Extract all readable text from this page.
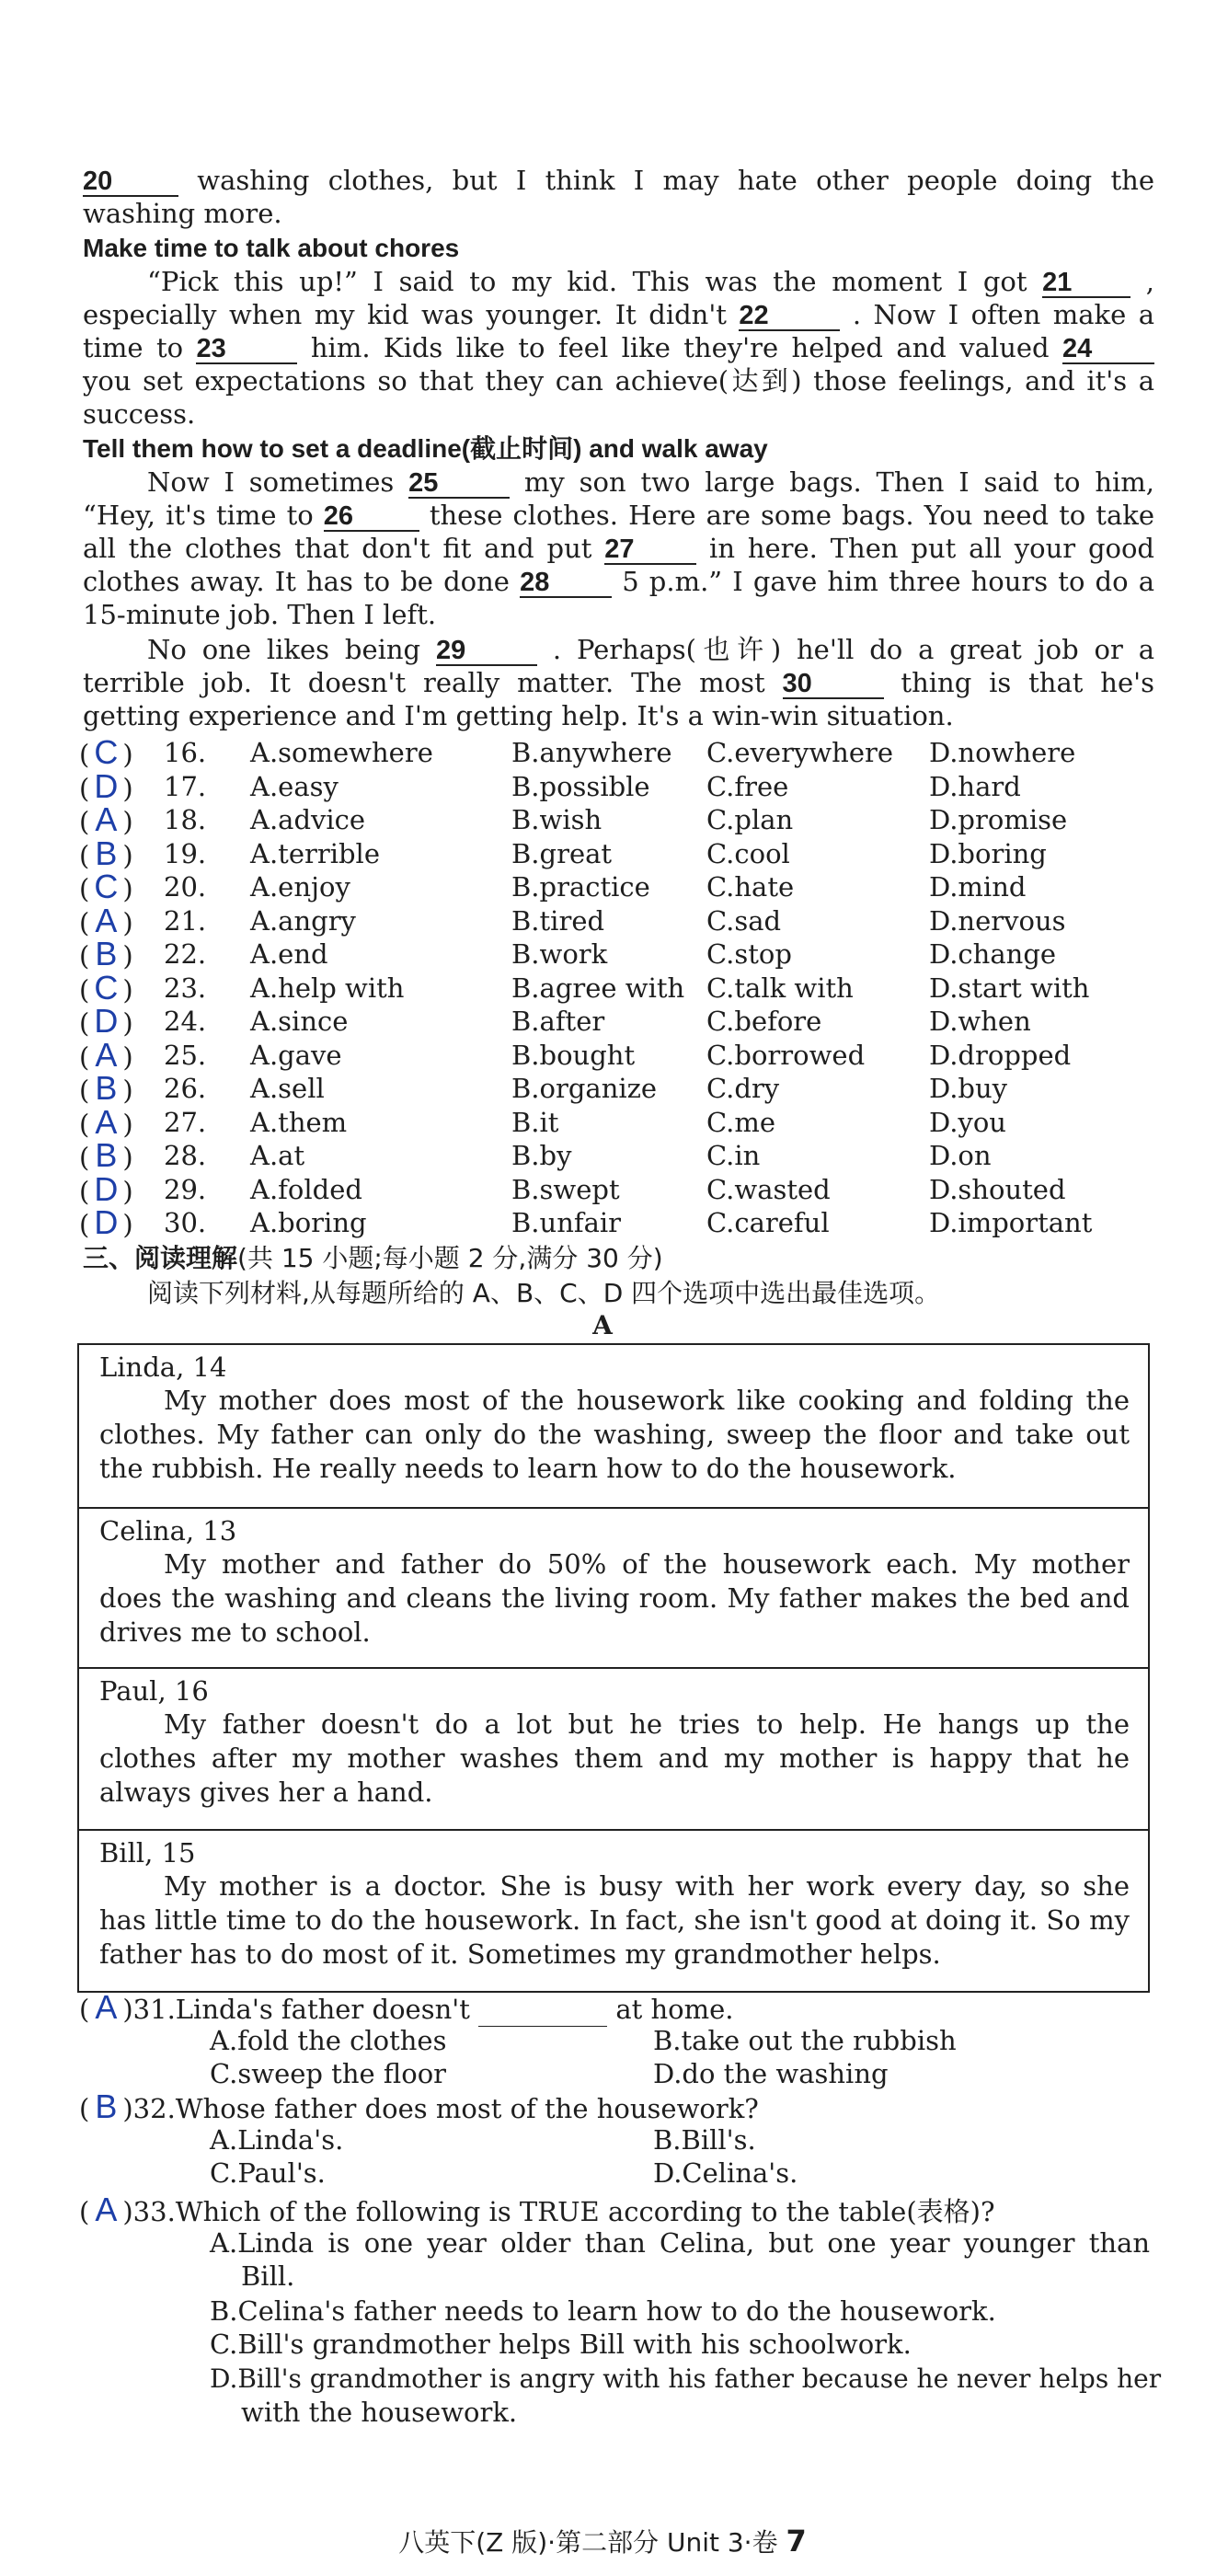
20 washing clothes, but I think I may hate other people doing the
washing more.
Make time to talk about chores
“Pick this up!” I said to my kid. This was the moment I got 21 ,
especially when my kid was younger. It didn't 22	. Now I often make a
time to 23	him. Kids like to feel like they're helped and valued 24
you set expectations so that they can achieve(达到) those feelings, and it's a
success.
Tell them how to set a deadline(截止时间) and walk away
Now I sometimes 25	my son two large bags. Then I said to him,
“Hey, it's time to 26 these clothes. Here are some bags. You need to take
all the clothes that don't fit and put 27 in here. Then put all your good
clothes away. It has to be done 28 5 p.m.” I gave him three hours to do a
15-minute job. Then I left.
No one likes being 29	. Perhaps(也许) he'll do a great job or a
terrible job. It doesn't really matter. The most 30	thing is that he's
getting experience and I'm getting help. It's a win-win situation.
( C ) 16. A.somewhere	B.anywhere C.everywhere D.nowhere
( D ) 17. A.easy	B.possible C.free	D.hard
( A ) 18. A.advice	B.wish	C.plan	D.promise
( B ) 19. A.terrible	B.great	C.cool	D.boring
( C ) 20. A.enjoy	B.practice C.hate	D.mind
( A ) 21. A.angry	B.tired	C.sad	D.nervous
( B ) 22. A.end	B.work	C.stop	D.change
( C ) 23. A.help with	B.agree with C.talk with	D.start with
( D ) 24. A.since	B.after	C.before	D.when
( A ) 25. A.gave	B.bought	C.borrowed D.dropped
( B ) 26. A.sell	B.organize C.dry	D.buy
( A ) 27. A.them	B.it	C.me	D.you
( B ) 28. A.at	B.by	C.in	D.on
( D ) 29. A.folded	B.swept	C.wasted	D.shouted
( D ) 30. A.boring	B.unfair	C.careful	D.important
三、阅读理解(共 15 小题;每小题 2 分,满分 30 分)
阅读下列材料,从每题所给的 A、B、C、D 四个选项中选出最佳选项。
A
Linda, 14
My mother does most of the housework like cooking and folding the
clothes. My father can only do the washing, sweep the floor and take out the rubbish. He really needs to learn how to do the housework.
Celina, 13
My mother and father do 50% of the housework each. My mother
does the washing and cleans the living room. My father makes the bed and drives me to school.
Paul, 16
My father doesn't do a lot but he tries to help. He hangs up the
clothes after my mother washes them and my mother is happy that he always gives her a hand.
Bill, 15
My mother is a doctor. She is busy with her work every day, so she
has little time to do the housework. In fact, she isn't good at doing it. So my father has to do most of it. Sometimes my grandmother helps.
( A )31.Linda's father doesn't	at home.
A.fold the clothes	B.take out the rubbish
C.sweep the floor	D.do the washing
( B )32.Whose father does most of the housework?
A.Linda's.	B.Bill's.
C.Paul's.	D.Celina's.
( A )33.Which of the following is TRUE according to the table(表格)?
A.Linda is one year older than Celina, but one year younger than
Bill.
B.Celina's father needs to learn how to do the housework.
C.Bill's grandmother helps Bill with his schoolwork.
D.Bill's grandmother is angry with his father because he never helps her
with the housework.
八英下(Z 版)·第二部分 Unit 3·卷 7
